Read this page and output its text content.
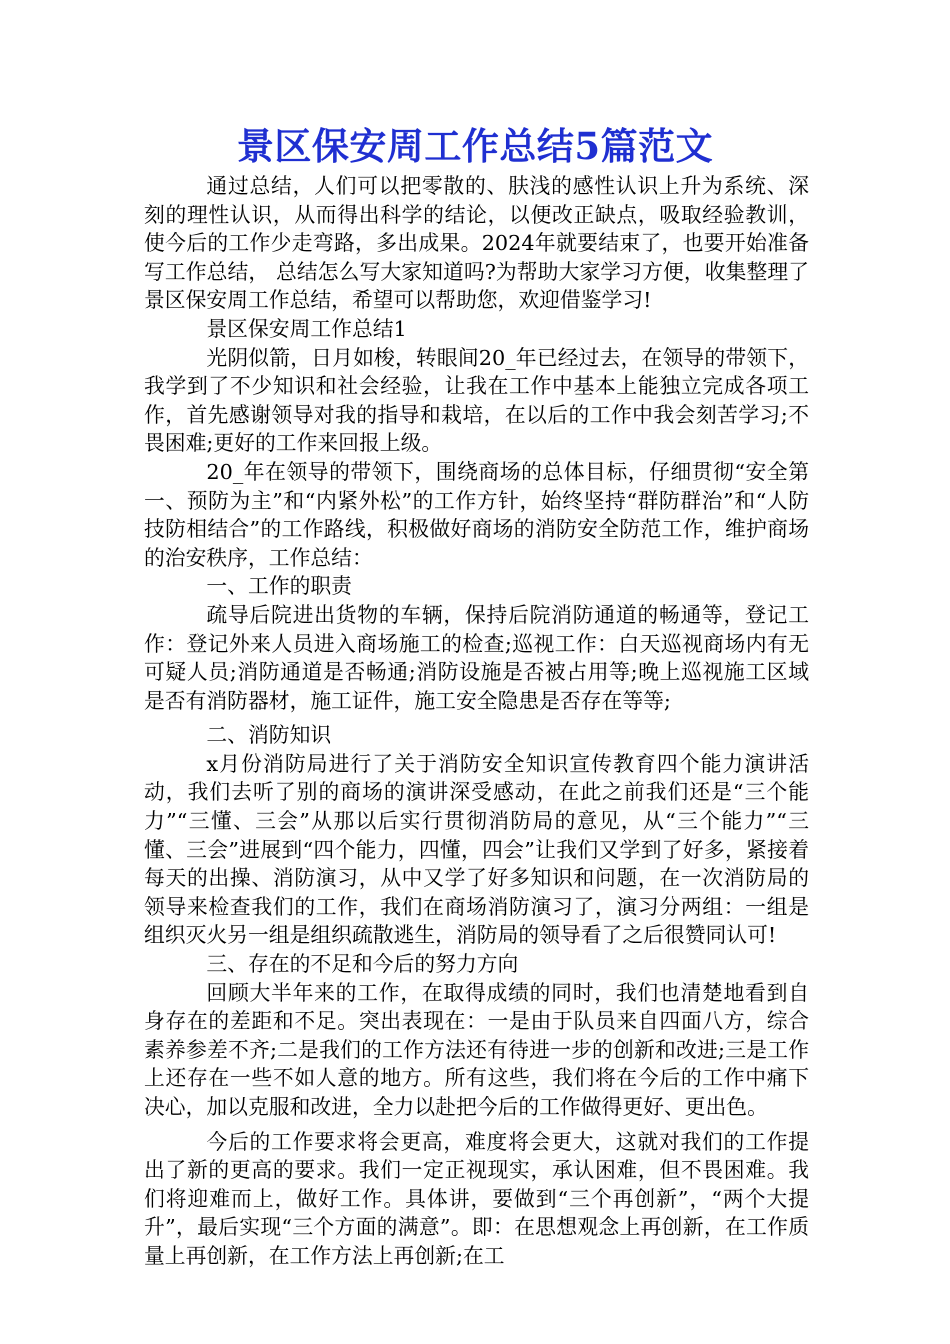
景区保安周工作总结5篇范文

通过总结，人们可以把零散的、肤浅的感性认识上升为系统、深刻的理性认识，从而得出科学的结论，以便改正缺点，吸取经验教训，使今后的工作少走弯路，多出成果。2024年就要结束了，也要开始准备写工作总结， 总结怎么写大家知道吗?为帮助大家学习方便，收集整理了景区保安周工作总结，希望可以帮助您，欢迎借鉴学习!

景区保安周工作总结1

光阴似箭，日月如梭，转眼间20_年已经过去，在领导的带领下，我学到了不少知识和社会经验，让我在工作中基本上能独立完成各项工作，首先感谢领导对我的指导和栽培，在以后的工作中我会刻苦学习;不畏困难;更好的工作来回报上级。

20_年在领导的带领下，围绕商场的总体目标，仔细贯彻“安全第一、预防为主”和“内紧外松”的工作方针，始终坚持“群防群治”和“人防技防相结合”的工作路线，积极做好商场的消防安全防范工作，维护商场的治安秩序，工作总结：

一、工作的职责

疏导后院进出货物的车辆，保持后院消防通道的畅通等，登记工作：登记外来人员进入商场施工的检查;巡视工作：白天巡视商场内有无可疑人员;消防通道是否畅通;消防设施是否被占用等;晚上巡视施工区域是否有消防器材，施工证件，施工安全隐患是否存在等等;

二、消防知识

x月份消防局进行了关于消防安全知识宣传教育四个能力演讲活动，我们去听了别的商场的演讲深受感动，在此之前我们还是“三个能力”“三懂、三会”从那以后实行贯彻消防局的意见，从“三个能力”“三懂、三会”进展到“四个能力，四懂，四会”让我们又学到了好多，紧接着每天的出操、消防演习，从中又学了好多知识和问题，在一次消防局的领导来检查我们的工作，我们在商场消防演习了，演习分两组：一组是组织灭火另一组是组织疏散逃生，消防局的领导看了之后很赞同认可!

三、存在的不足和今后的努力方向

回顾大半年来的工作，在取得成绩的同时，我们也清楚地看到自身存在的差距和不足。突出表现在：一是由于队员来自四面八方，综合素养参差不齐;二是我们的工作方法还有待进一步的创新和改进;三是工作上还存在一些不如人意的地方。所有这些，我们将在今后的工作中痛下决心，加以克服和改进，全力以赴把今后的工作做得更好、更出色。

今后的工作要求将会更高，难度将会更大，这就对我们的工作提出了新的更高的要求。我们一定正视现实，承认困难，但不畏困难。我们将迎难而上，做好工作。具体讲，要做到“三个再创新”，“两个大提升”，最后实现“三个方面的满意”。即：在思想观念上再创新，在工作质量上再创新，在工作方法上再创新;在工
